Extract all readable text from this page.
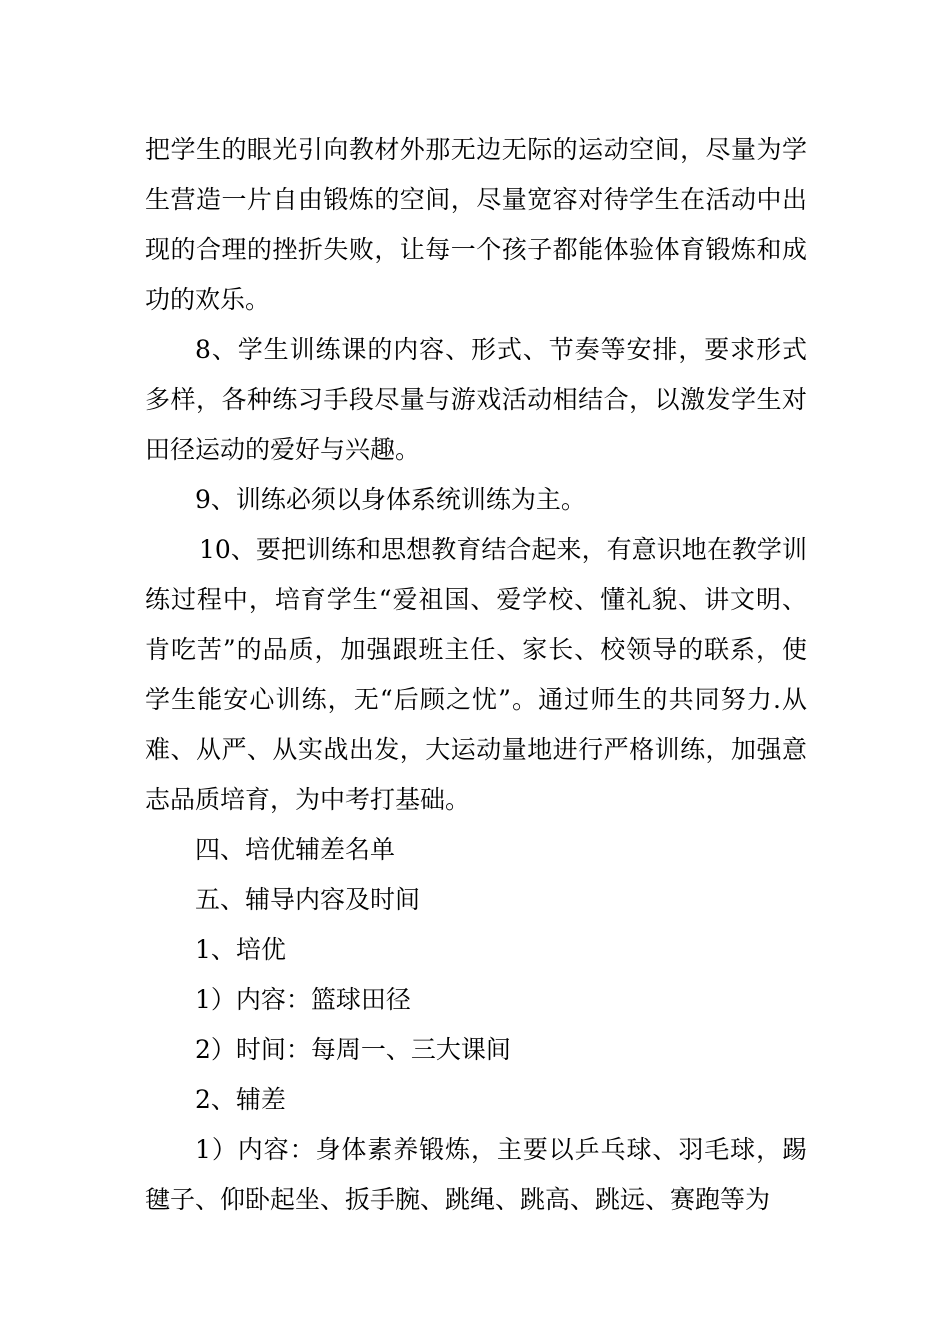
把学生的眼光引向教材外那无边无际的运动空间，尽量为学生营造一片自由锻炼的空间，尽量宽容对待学生在活动中出现的合理的挫折失败，让每一个孩子都能体验体育锻炼和成功的欢乐。

8、学生训练课的内容、形式、节奏等安排，要求形式多样，各种练习手段尽量与游戏活动相结合，以激发学生对田径运动的爱好与兴趣。

9、训练必须以身体系统训练为主。

10、要把训练和思想教育结合起来，有意识地在教学训练过程中，培育学生“爱祖国、爱学校、懂礼貌、讲文明、肯吃苦”的品质，加强跟班主任、家长、校领导的联系，使学生能安心训练，无“后顾之忧”。通过师生的共同努力.从难、从严、从实战出发，大运动量地进行严格训练，加强意志品质培育，为中考打基础。

四、培优辅差名单

五、辅导内容及时间

1、培优

1）内容：篮球田径

2）时间：每周一、三大课间

2、辅差

1）内容：身体素养锻炼，主要以乒乓球、羽毛球，踢毽子、仰卧起坐、扳手腕、跳绳、跳高、跳远、赛跑等为
